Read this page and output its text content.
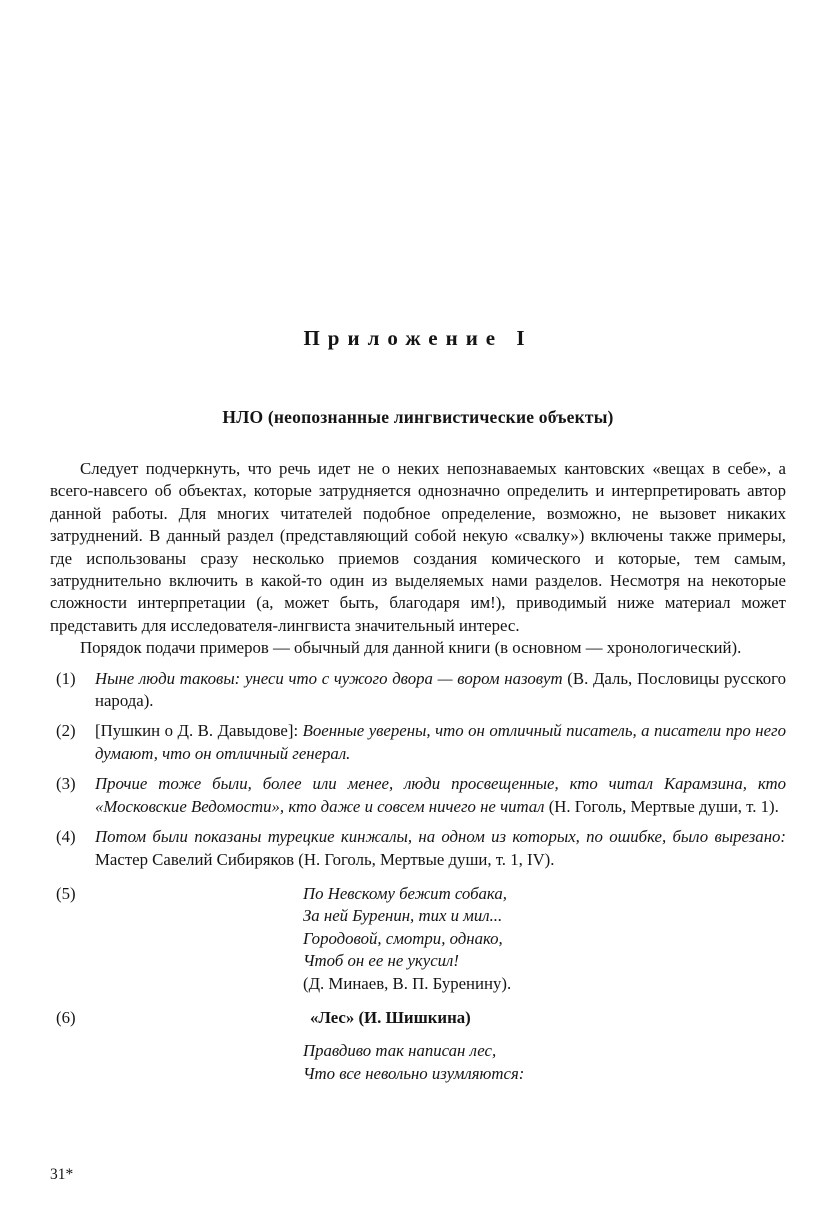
Приложение I
НЛО (неопознанные лингвистические объекты)

Следует подчеркнуть, что речь идет не о неких непознаваемых кантовских «вещах в себе», а всего-навсего об объектах, которые затрудняется однозначно определить и интерпретировать автор данной работы. Для многих читателей подобное определение, возможно, не вызовет никаких затруднений. В данный раздел (представляющий собой некую «свалку») включены также примеры, где использованы сразу несколько приемов создания комического и которые, тем самым, затруднительно включить в какой-то один из выделяемых нами разделов. Несмотря на некоторые сложности интерпретации (а, может быть, благодаря им!), приводимый ниже материал может представить для исследователя-лингвиста значительный интерес.

Порядок подачи примеров — обычный для данной книги (в основном — хронологический).

(1) Ныне люди таковы: унеси что с чужого двора — вором назовут (В. Даль, Пословицы русского народа).

(2) [Пушкин о Д. В. Давыдове]: Военные уверены, что он отличный писатель, а писатели про него думают, что он отличный генерал.

(3) Прочие тоже были, более или менее, люди просвещенные, кто читал Карамзина, кто «Московские Ведомости», кто даже и совсем ничего не читал (Н. Гоголь, Мертвые души, т. 1).

(4) Потом были показаны турецкие кинжалы, на одном из которых, по ошибке, было вырезано: Мастер Савелий Сибиряков (Н. Гоголь, Мертвые души, т. 1, IV).

(5)	По Невскому бежит собака,
За ней Буренин, тих и мил...
Городовой, смотри, однако,
Чтоб он ее не укусил!
(Д. Минаев, В. П. Буренину).
(6)	«Лес» (И. Шишкина)
Правдиво так написан лес,
Что все невольно изумляются:
31*
